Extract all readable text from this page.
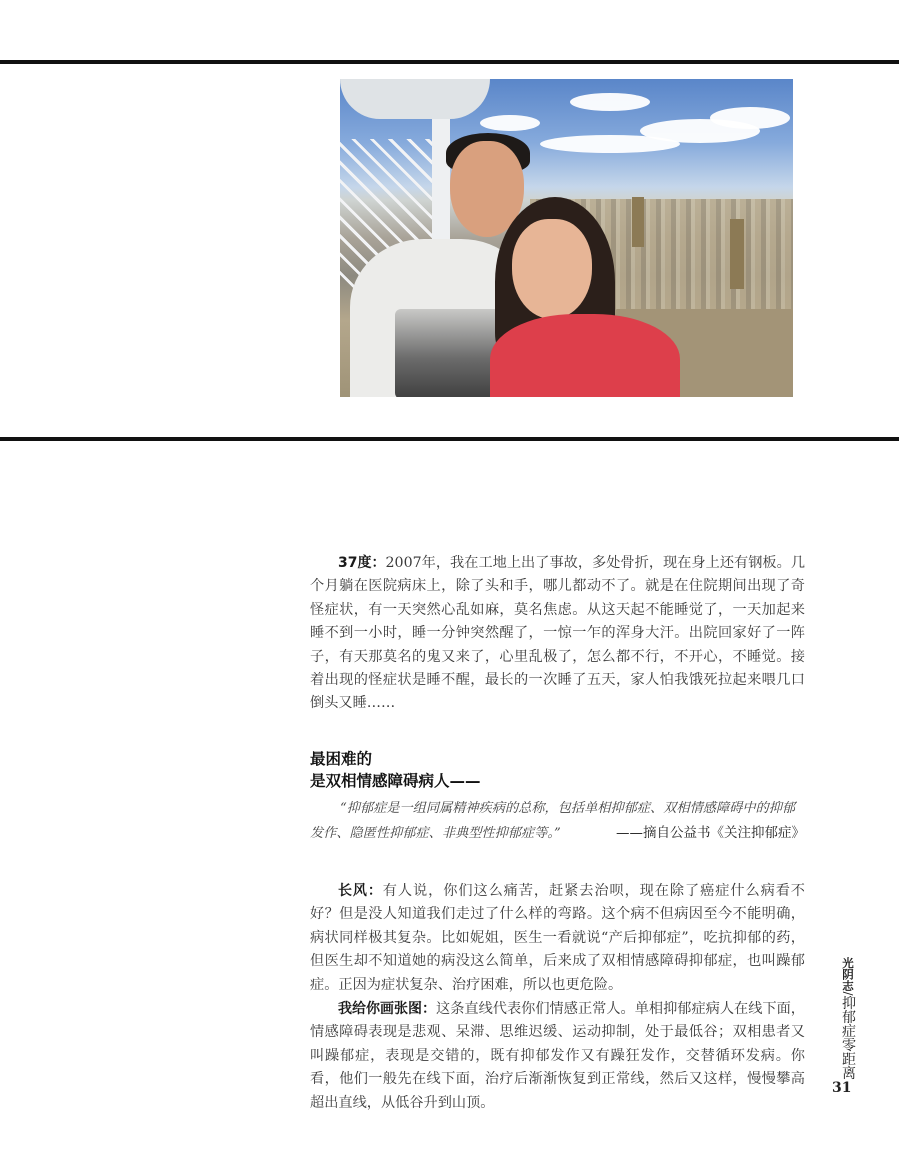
37度：2007年，我在工地上出了事故，多处骨折，现在身上还有钢板。几个月躺在医院病床上，除了头和手，哪儿都动不了。就是在住院期间出现了奇怪症状，有一天突然心乱如麻，莫名焦虑。从这天起不能睡觉了，一天加起来睡不到一小时，睡一分钟突然醒了，一惊一乍的浑身大汗。出院回家好了一阵子，有天那莫名的鬼又来了，心里乱极了，怎么都不行，不开心，不睡觉。接着出现的怪症状是睡不醒，最长的一次睡了五天，家人怕我饿死拉起来喂几口倒头又睡……
最困难的
是双相情感障碍病人——
“抑郁症是一组同属精神疾病的总称，包括单相抑郁症、双相情感障碍中的抑郁
发作、隐匿性抑郁症、非典型性抑郁症等。”	——摘自公益书《关注抑郁症》
长风：有人说，你们这么痛苦，赶紧去治呗，现在除了癌症什么病看不好？但是没人知道我们走过了什么样的弯路。这个病不但病因至今不能明确，病状同样极其复杂。比如妮姐，医生一看就说“产后抑郁症”，吃抗抑郁的药，但医生却不知道她的病没这么简单，后来成了双相情感障碍抑郁症，也叫躁郁症。正因为症状复杂、治疗困难，所以也更危险。
我给你画张图：这条直线代表你们情感正常人。单相抑郁症病人在线下面，情感障碍表现是悲观、呆滞、思维迟缓、运动抑制，处于最低谷；双相患者又叫躁郁症，表现是交错的，既有抑郁发作又有躁狂发作，交替循环发病。你看，他们一般先在线下面，治疗后渐渐恢复到正常线，然后又这样，慢慢攀高超出直线，从低谷升到山顶。
光阴志/抑郁症零距离
31
